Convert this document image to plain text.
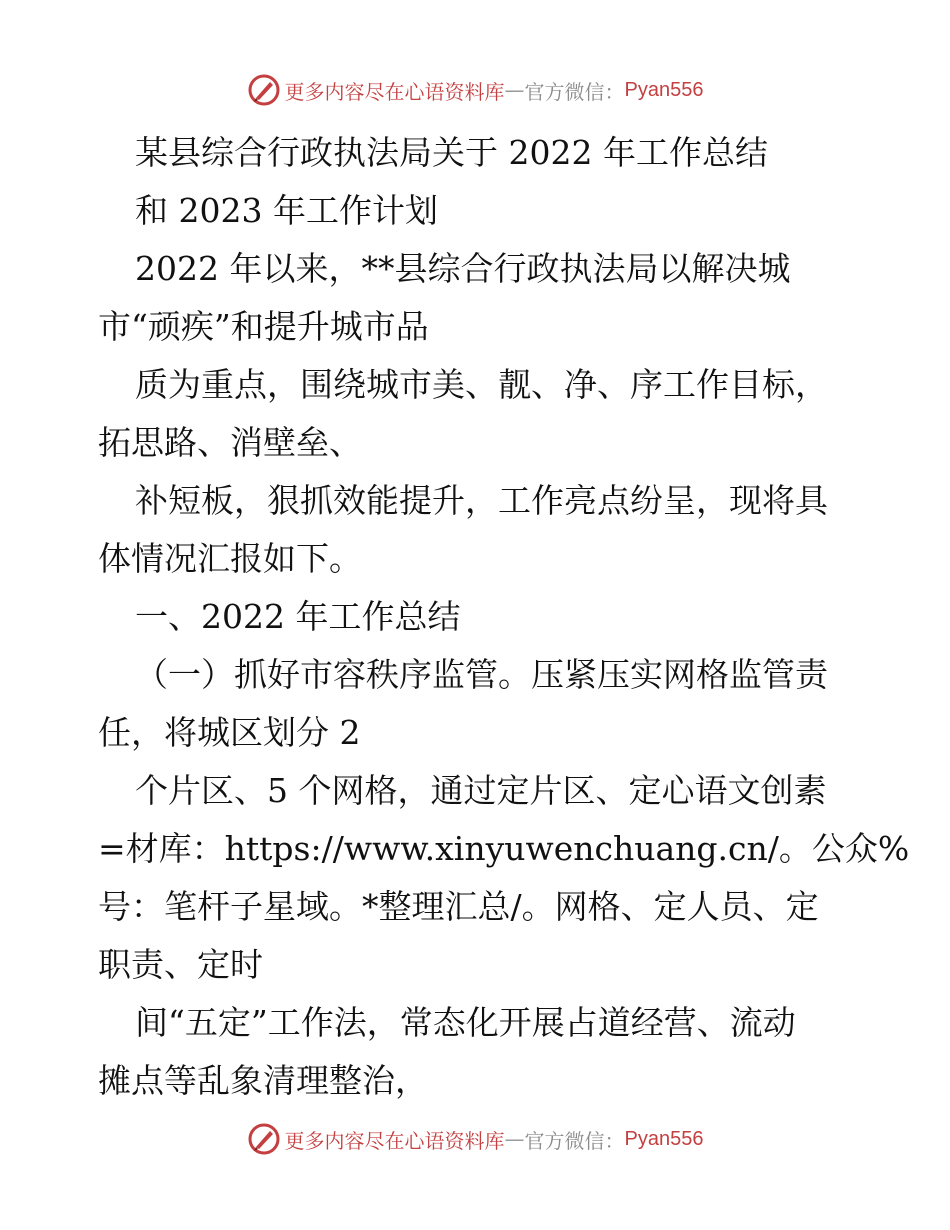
更多内容尽在心语资料库 — 官方微信： Pyan556
某县综合行政执法局关于 2022 年工作总结
和 2023 年工作计划
2022 年以来，**县综合行政执法局以解决城
市“顽疾”和提升城市品
质为重点，围绕城市美、靓、净、序工作目标，
拓思路、消壁垒、
补短板，狠抓效能提升，工作亮点纷呈，现将具
体情况汇报如下。
一、2022 年工作总结
（一）抓好市容秩序监管。压紧压实网格监管责
任，将城区划分 2
个片区、5 个网格，通过定片区、定心语文创素
=材库：https://www.xinyuwenchuang.cn/。公众%
号：笔杆子星域。*整理汇总/。网格、定人员、定
职责、定时
间“五定”工作法，常态化开展占道经营、流动
摊点等乱象清理整治，
更多内容尽在心语资料库 — 官方微信： Pyan556
